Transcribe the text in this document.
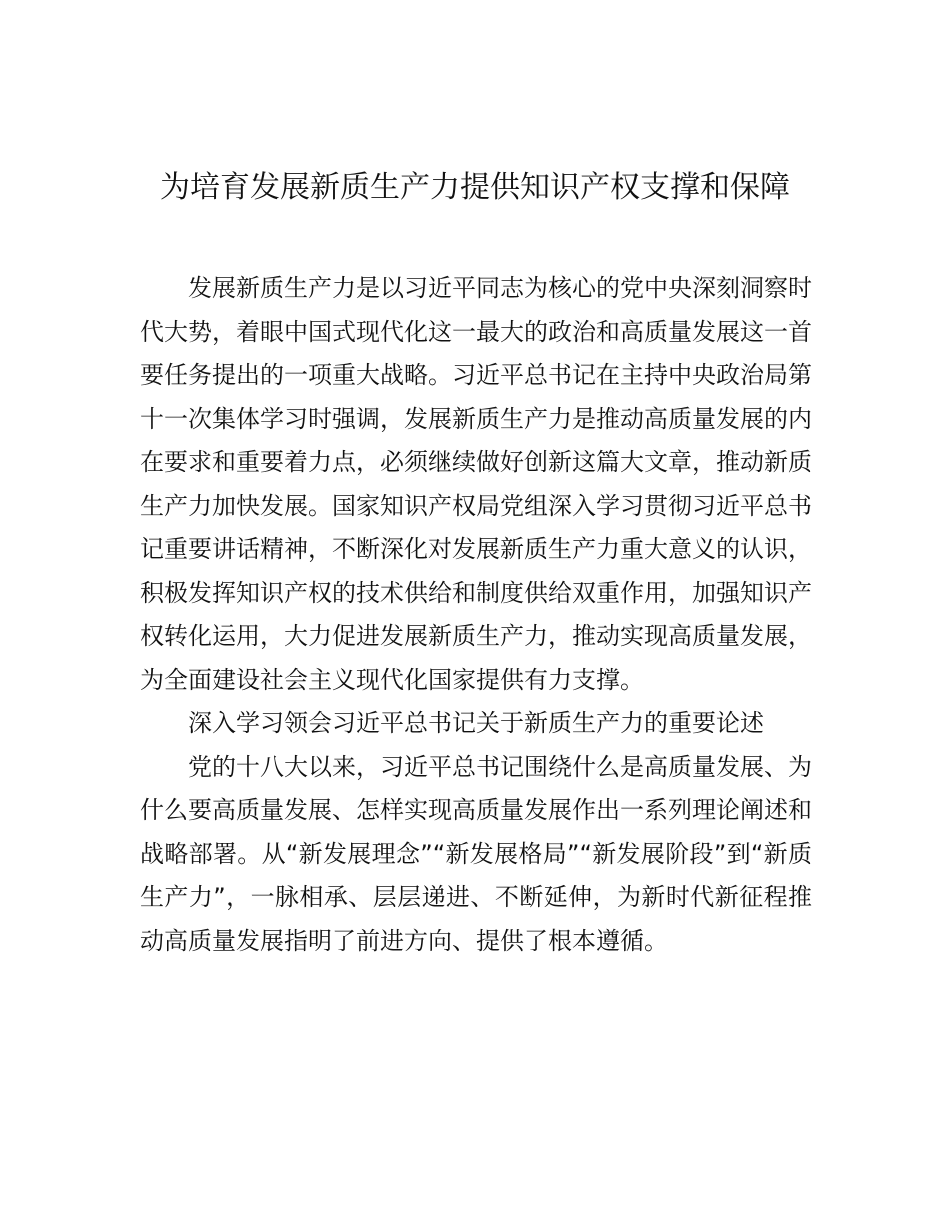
为培育发展新质生产力提供知识产权支撑和保障

发展新质生产力是以习近平同志为核心的党中央深刻洞察时代大势，着眼中国式现代化这一最大的政治和高质量发展这一首要任务提出的一项重大战略。习近平总书记在主持中央政治局第十一次集体学习时强调，发展新质生产力是推动高质量发展的内在要求和重要着力点，必须继续做好创新这篇大文章，推动新质生产力加快发展。国家知识产权局党组深入学习贯彻习近平总书记重要讲话精神，不断深化对发展新质生产力重大意义的认识，积极发挥知识产权的技术供给和制度供给双重作用，加强知识产权转化运用，大力促进发展新质生产力，推动实现高质量发展，为全面建设社会主义现代化国家提供有力支撑。

深入学习领会习近平总书记关于新质生产力的重要论述

党的十八大以来，习近平总书记围绕什么是高质量发展、为什么要高质量发展、怎样实现高质量发展作出一系列理论阐述和战略部署。从“新发展理念”“新发展格局”“新发展阶段”到“新质生产力”，一脉相承、层层递进、不断延伸，为新时代新征程推动高质量发展指明了前进方向、提供了根本遵循。
